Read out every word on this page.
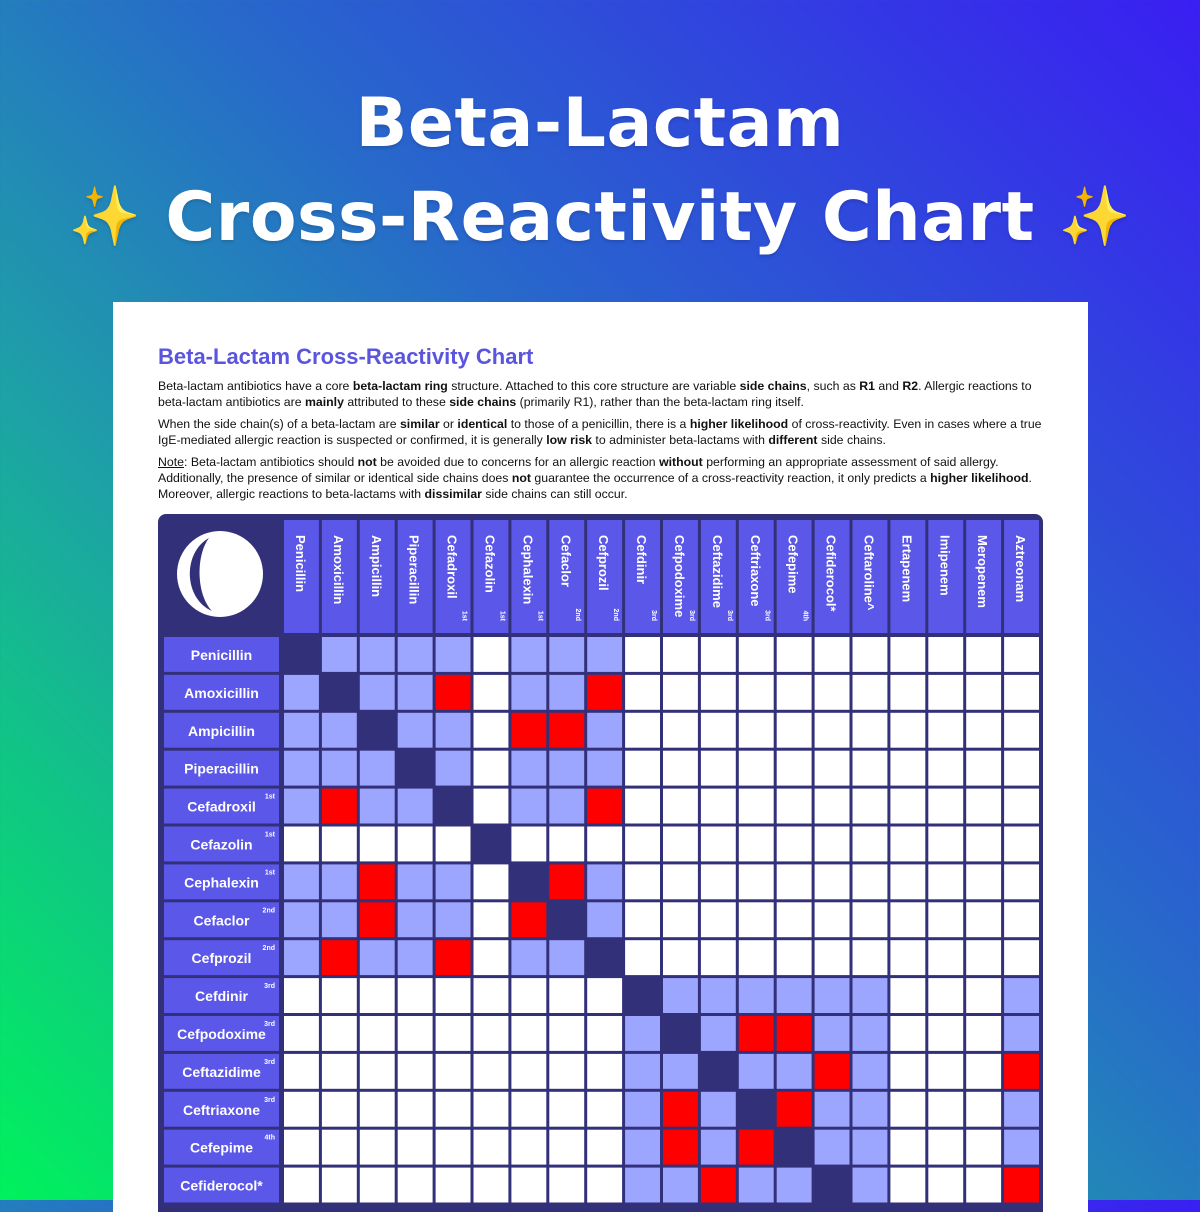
Beta-Lactam
✨ Cross-Reactivity Chart ✨
Beta-Lactam Cross-Reactivity Chart
Beta-lactam antibiotics have a core beta-lactam ring structure. Attached to this core structure are variable side chains, such as R1 and R2. Allergic reactions to beta-lactam antibiotics are mainly attributed to these side chains (primarily R1), rather than the beta-lactam ring itself.
When the side chain(s) of a beta-lactam are similar or identical to those of a penicillin, there is a higher likelihood of cross-reactivity. Even in cases where a true IgE-mediated allergic reaction is suspected or confirmed, it is generally low risk to administer beta-lactams with different side chains.
Note: Beta-lactam antibiotics should not be avoided due to concerns for an allergic reaction without performing an appropriate assessment of said allergy. Additionally, the presence of similar or identical side chains does not guarantee the occurrence of a cross-reactivity reaction, it only predicts a higher likelihood. Moreover, allergic reactions to beta-lactams with dissimilar side chains can still occur.
Penicillin Amoxicillin Ampicillin Piperacillin Cefadroxil
1st
Cefazolin
1st
Cephalexin
1st
Cefaclor
2nd
Cefprozil
2nd
Cefdinir
3rd Cefpodoxime 3rd
Ceftazidime
3rd
Ceftriaxone
3rd
Cefepime
4th
Cefiderocol* Ceftaroline^ Ertapenem Imipenem Meropenem Aztreonam
Penicillin
Amoxicillin
Ampicillin
Piperacillin
Cefadroxil
1st
Cefazolin
1st
Cephalexin
1st
Cefaclor
2nd
Cefprozil
2nd
Cefdinir
3rd
Cefpodoxime
3rd
Ceftazidime
3rd
Ceftriaxone
3rd
Cefepime
4th
Cefiderocol*
